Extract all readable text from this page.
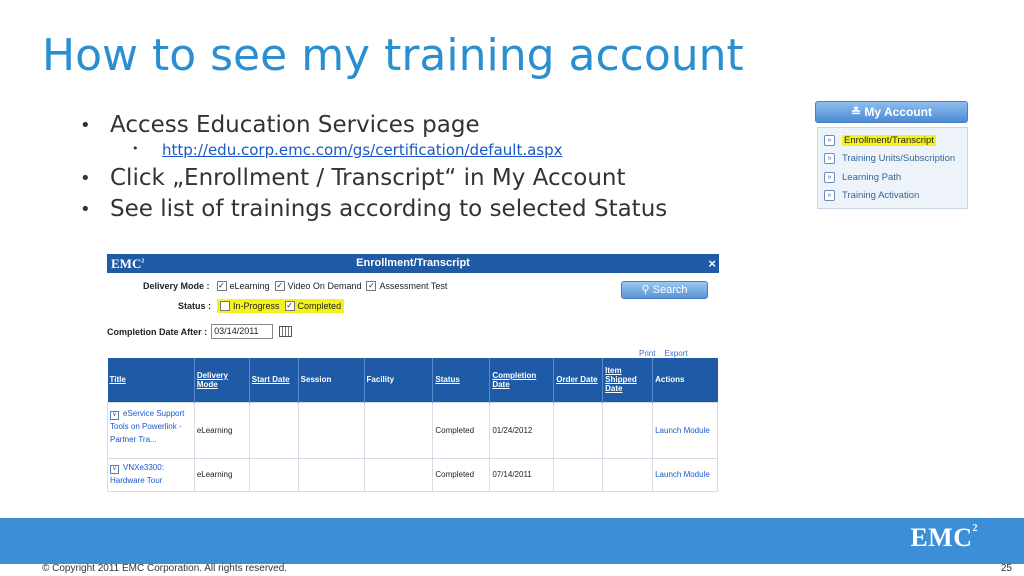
How to see my training account
• Access Education Services page
• http://edu.corp.emc.com/gs/certification/default.aspx
• Click „Enrollment / Transcript“ in My Account
• See list of trainings according to selected Status
≛ My Account
»	Enrollment/Transcript
»	Training Units/Subscription
»	Learning Path
»	Training Activation
EMC$^2$	Enrollment/Transcript	×
Delivery Mode : ✓ eLearning ✓ Video On Demand ✓ Assessment Test
Status : In-Progress ✓ Completed
⚲ Search
Completion Date After : 03/14/2011
Print Export
Title	Delivery Mode	Start Date	Session	Facility	Status	Completion Date	Order Date	Item Shipped Date	Actions
∨ eService Support Tools on Powerlink - Partner Tra...	eLearning				Completed	01/24/2012			Launch Module
∨ VNXe3300: Hardware Tour	eLearning				Completed	07/14/2011			Launch Module
EMC$^2$
© Copyright 2011 EMC Corporation. All rights reserved.	25
